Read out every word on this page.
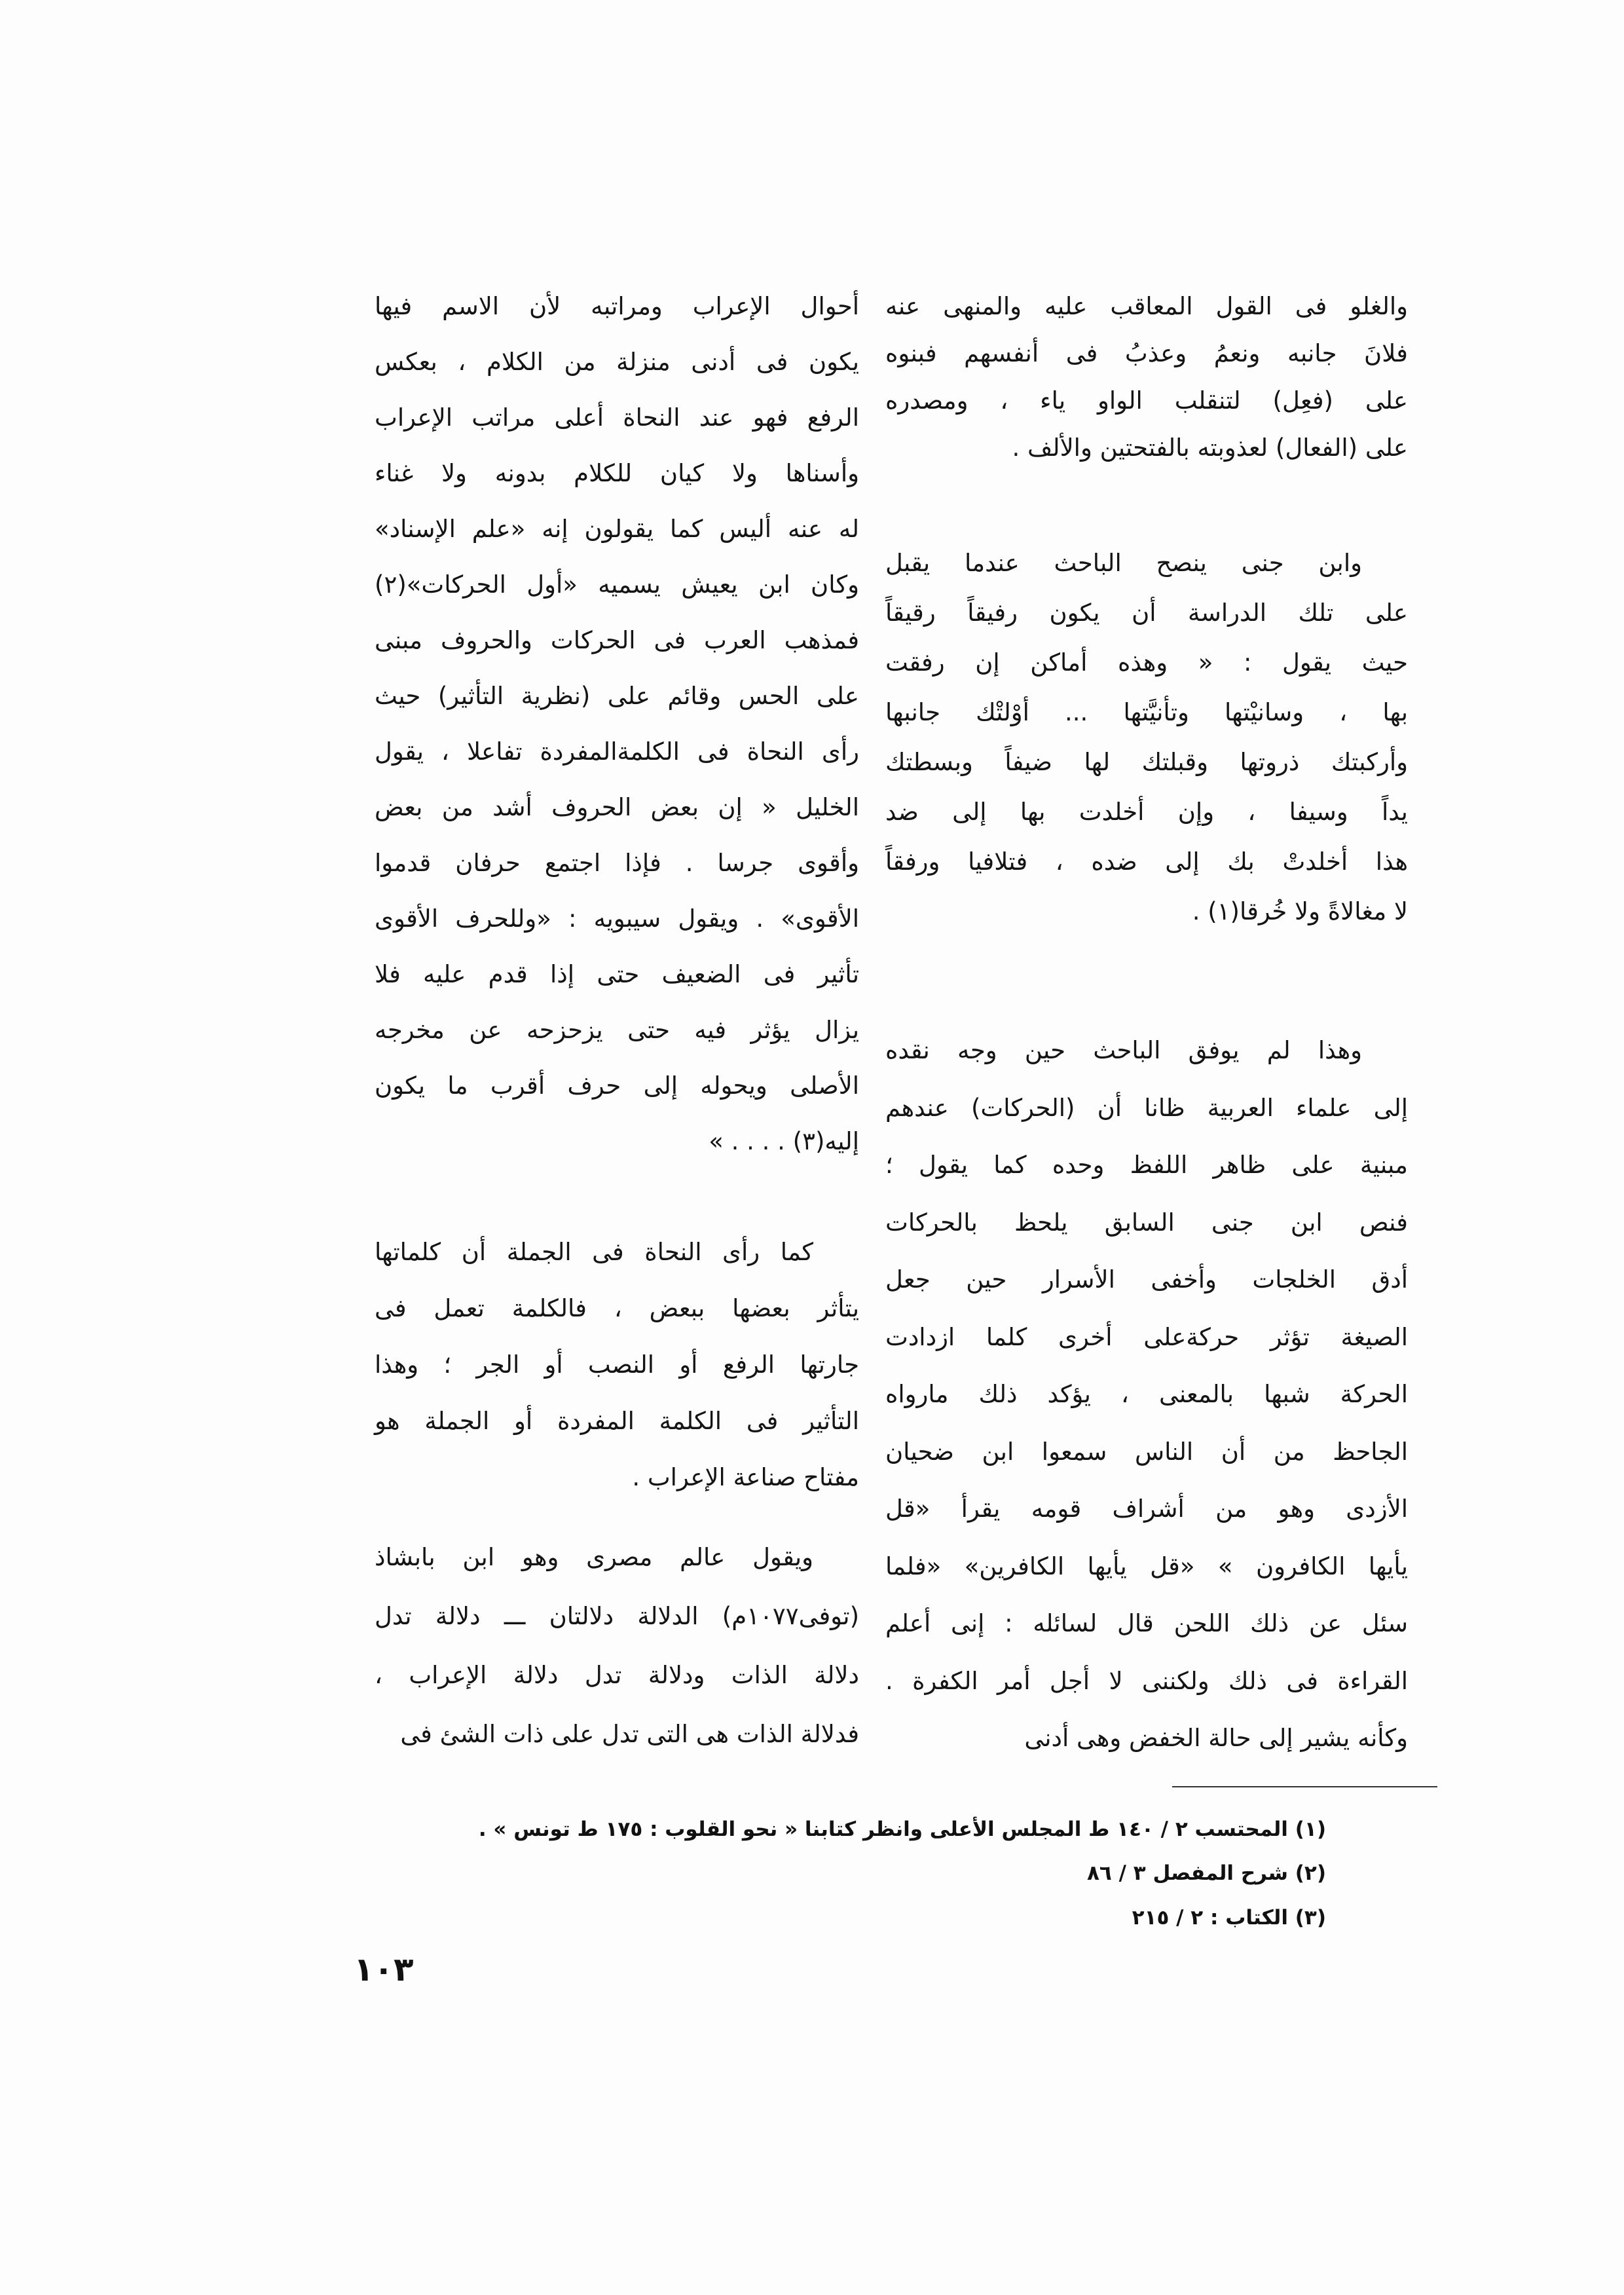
والغلو فى القول المعاقب عليه والمنهى عنه
فلانَ جانبه ونعمُ وعذبُ فى أنفسهم فبنوه
على (فعِل) لتنقلب الواو ياء ، ومصدره
على (الفعال) لعذوبته بالفتحتين والألف .
وابن جنى ينصح الباحث عندما يقبل
على تلك الدراسة أن يكون رفيقاً رقيقاً
حيث يقول : « وهذه أماكن إن رفقت
بها ، وسانيْتها وتأنيَّتها ... أوْلتْك جانبها
وأركبتك ذروتها وقبلتك لها ضيفاً وبسطتك
يداً وسيفا ، وإن أخلدت بها إلى ضد
هذا أخلدتْ بك إلى ضده ، فتلافيا ورفقاً
لا مغالاةً ولا خُرقا(١) .
وهذا لم يوفق الباحث حين وجه نقده
إلى علماء العربية ظانا أن (الحركات) عندهم
مبنية على ظاهر اللفظ وحده كما يقول ؛
فنص ابن جنى السابق يلحظ بالحركات
أدق الخلجات وأخفى الأسرار حين جعل
الصيغة تؤثر حركةعلى أخرى كلما ازدادت
الحركة شبها بالمعنى ، يؤكد ذلك مارواه
الجاحظ من أن الناس سمعوا ابن ضحيان
الأزدى وهو من أشراف قومه يقرأ «قل
يأيها الكافرون » «قل يأيها الكافرين» «فلما
سئل عن ذلك اللحن قال لسائله : إنى أعلم
القراءة فى ذلك ولكننى لا أجل أمر الكفرة .
وكأنه يشير إلى حالة الخفض وهى أدنى
أحوال الإعراب ومراتبه لأن الاسم فيها
يكون فى أدنى منزلة من الكلام ، بعكس
الرفع فهو عند النحاة أعلى مراتب الإعراب
وأسناها ولا كيان للكلام بدونه ولا غناء
له عنه أليس كما يقولون إنه «علم الإسناد»
وكان ابن يعيش يسميه «أول الحركات»(٢)
فمذهب العرب فى الحركات والحروف مبنى
على الحس وقائم على (نظرية التأثير) حيث
رأى النحاة فى الكلمةالمفردة تفاعلا ، يقول
الخليل « إن بعض الحروف أشد من بعض
وأقوى جرسا . فإذا اجتمع حرفان قدموا
الأقوى» . ويقول سيبويه : «وللحرف الأقوى
تأثير فى الضعيف حتى إذا قدم عليه فلا
يزال يؤثر فيه حتى يزحزحه عن مخرجه
الأصلى ويحوله إلى حرف أقرب ما يكون
إليه(٣) . . . . »
كما رأى النحاة فى الجملة أن كلماتها
يتأثر بعضها ببعض ، فالكلمة تعمل فى
جارتها الرفع أو النصب أو الجر ؛ وهذا
التأثير فى الكلمة المفردة أو الجملة هو
مفتاح صناعة الإعراب .
ويقول عالم مصرى وهو ابن بابشاذ
(توفى١٠٧٧م) الدلالة دلالتان ـــ دلالة تدل
دلالة الذات ودلالة تدل دلالة الإعراب ،
فدلالة الذات هى التى تدل على ذات الشئ فى
(١) المحتسب ٢ / ١٤٠ ط المجلس الأعلى وانظر كتابنا « نحو القلوب : ١٧٥ ط تونس » .
(٢) شرح المفصل ٣ / ٨٦
(٣) الكتاب : ٢ / ٢١٥
١٠٣
